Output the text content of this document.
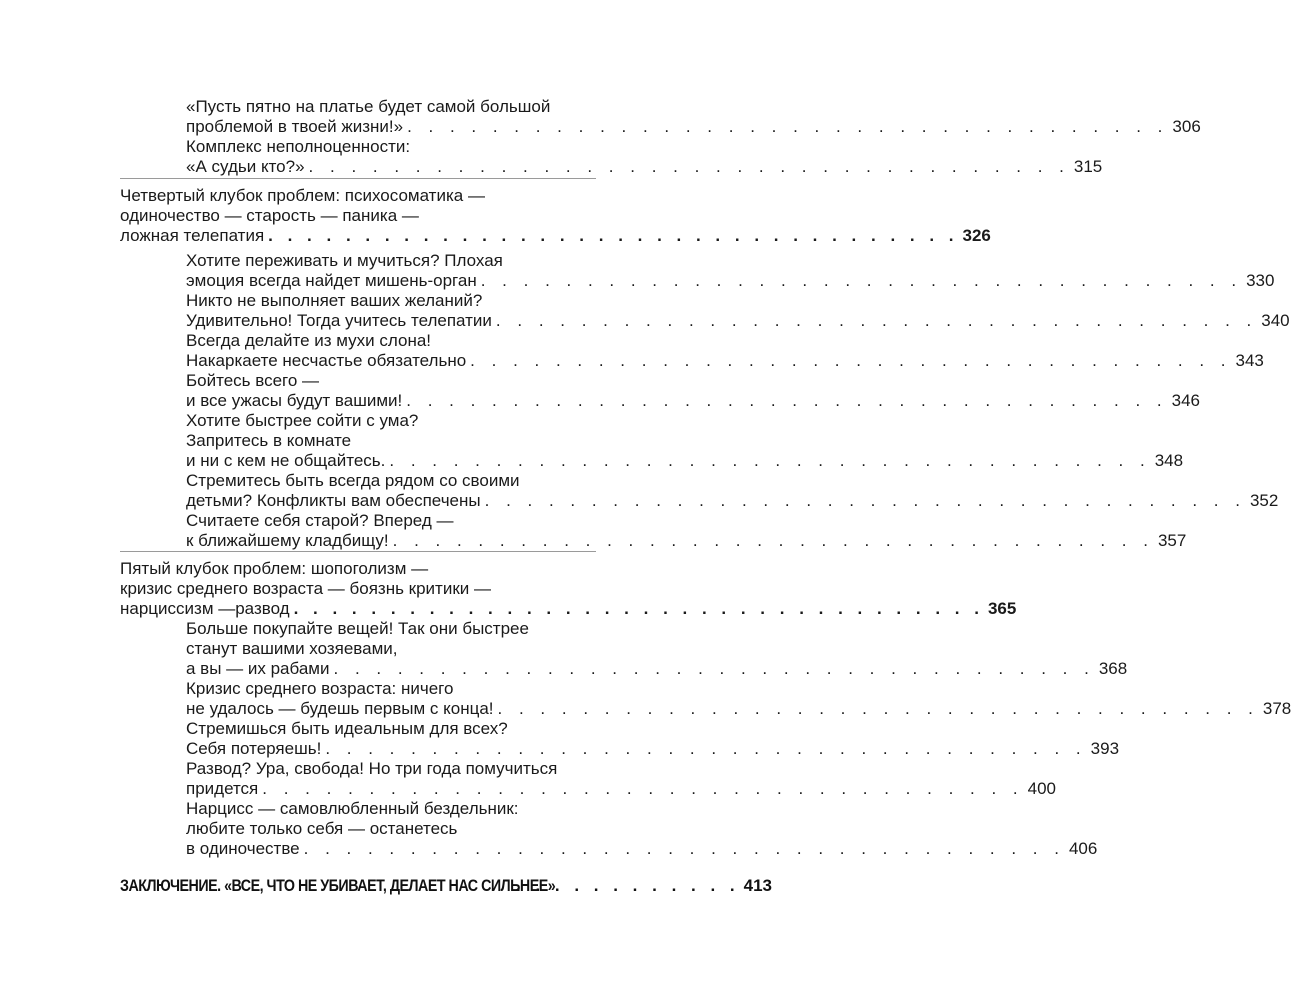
«Пусть пятно на платье будет самой большой
проблемой в твоей жизни!» . . . . . . . . . . . . . . . . . . . . . . . . . . . . . . . . . . . . 306
Комплекс неполноценности:
«А судьи кто?» . . . . . . . . . . . . . . . . . . . . . . . . . . . . . . . . . . . . 315
Четвертый клубок проблем: психосоматика —
одиночество — старость — паника —
ложная телепатия . . . . . . . . . . . . . . . . . . . . . . . . . . . . . . . . . . . . 326
Хотите переживать и мучиться? Плохая
эмоция всегда найдет мишень-орган . . . . . . . . . . . . . . . . . . . . . . . . . . . . . . . . . . . . 330
Никто не выполняет ваших желаний?
Удивительно! Тогда учитесь телепатии . . . . . . . . . . . . . . . . . . . . . . . . . . . . . . . . . . . . 340
Всегда делайте из мухи слона!
Накаркаете несчастье обязательно . . . . . . . . . . . . . . . . . . . . . . . . . . . . . . . . . . . . 343
Бойтесь всего —
и все ужасы будут вашими! . . . . . . . . . . . . . . . . . . . . . . . . . . . . . . . . . . . . 346
Хотите быстрее сойти с ума?
Запритесь в комнате
и ни с кем не общайтесь. . . . . . . . . . . . . . . . . . . . . . . . . . . . . . . . . . . . . 348
Стремитесь быть всегда рядом со своими
детьми? Конфликты вам обеспечены . . . . . . . . . . . . . . . . . . . . . . . . . . . . . . . . . . . . 352
Считаете себя старой? Вперед —
к ближайшему кладбищу! . . . . . . . . . . . . . . . . . . . . . . . . . . . . . . . . . . . . 357
Пятый клубок проблем: шопоголизм —
кризис среднего возраста — боязнь критики —
нарциссизм —развод . . . . . . . . . . . . . . . . . . . . . . . . . . . . . . . . . . . . 365
Больше покупайте вещей! Так они быстрее
станут вашими хозяевами,
а вы — их рабами . . . . . . . . . . . . . . . . . . . . . . . . . . . . . . . . . . . . 368
Кризис среднего возраста: ничего
не удалось — будешь первым с конца! . . . . . . . . . . . . . . . . . . . . . . . . . . . . . . . . . . . . 378
Стремишься быть идеальным для всех?
Себя потеряешь! . . . . . . . . . . . . . . . . . . . . . . . . . . . . . . . . . . . . 393
Развод? Ура, свобода! Но три года помучиться
придется . . . . . . . . . . . . . . . . . . . . . . . . . . . . . . . . . . . . 400
Нарцисс — самовлюбленный бездельник:
любите только себя — останетесь
в одиночестве . . . . . . . . . . . . . . . . . . . . . . . . . . . . . . . . . . . . 406
ЗАКЛЮЧЕНИЕ. «ВСЕ, ЧТО НЕ УБИВАЕТ, ДЕЛАЕТ НАС СИЛЬНЕЕ»
. . . . . . . . . . . . 413
